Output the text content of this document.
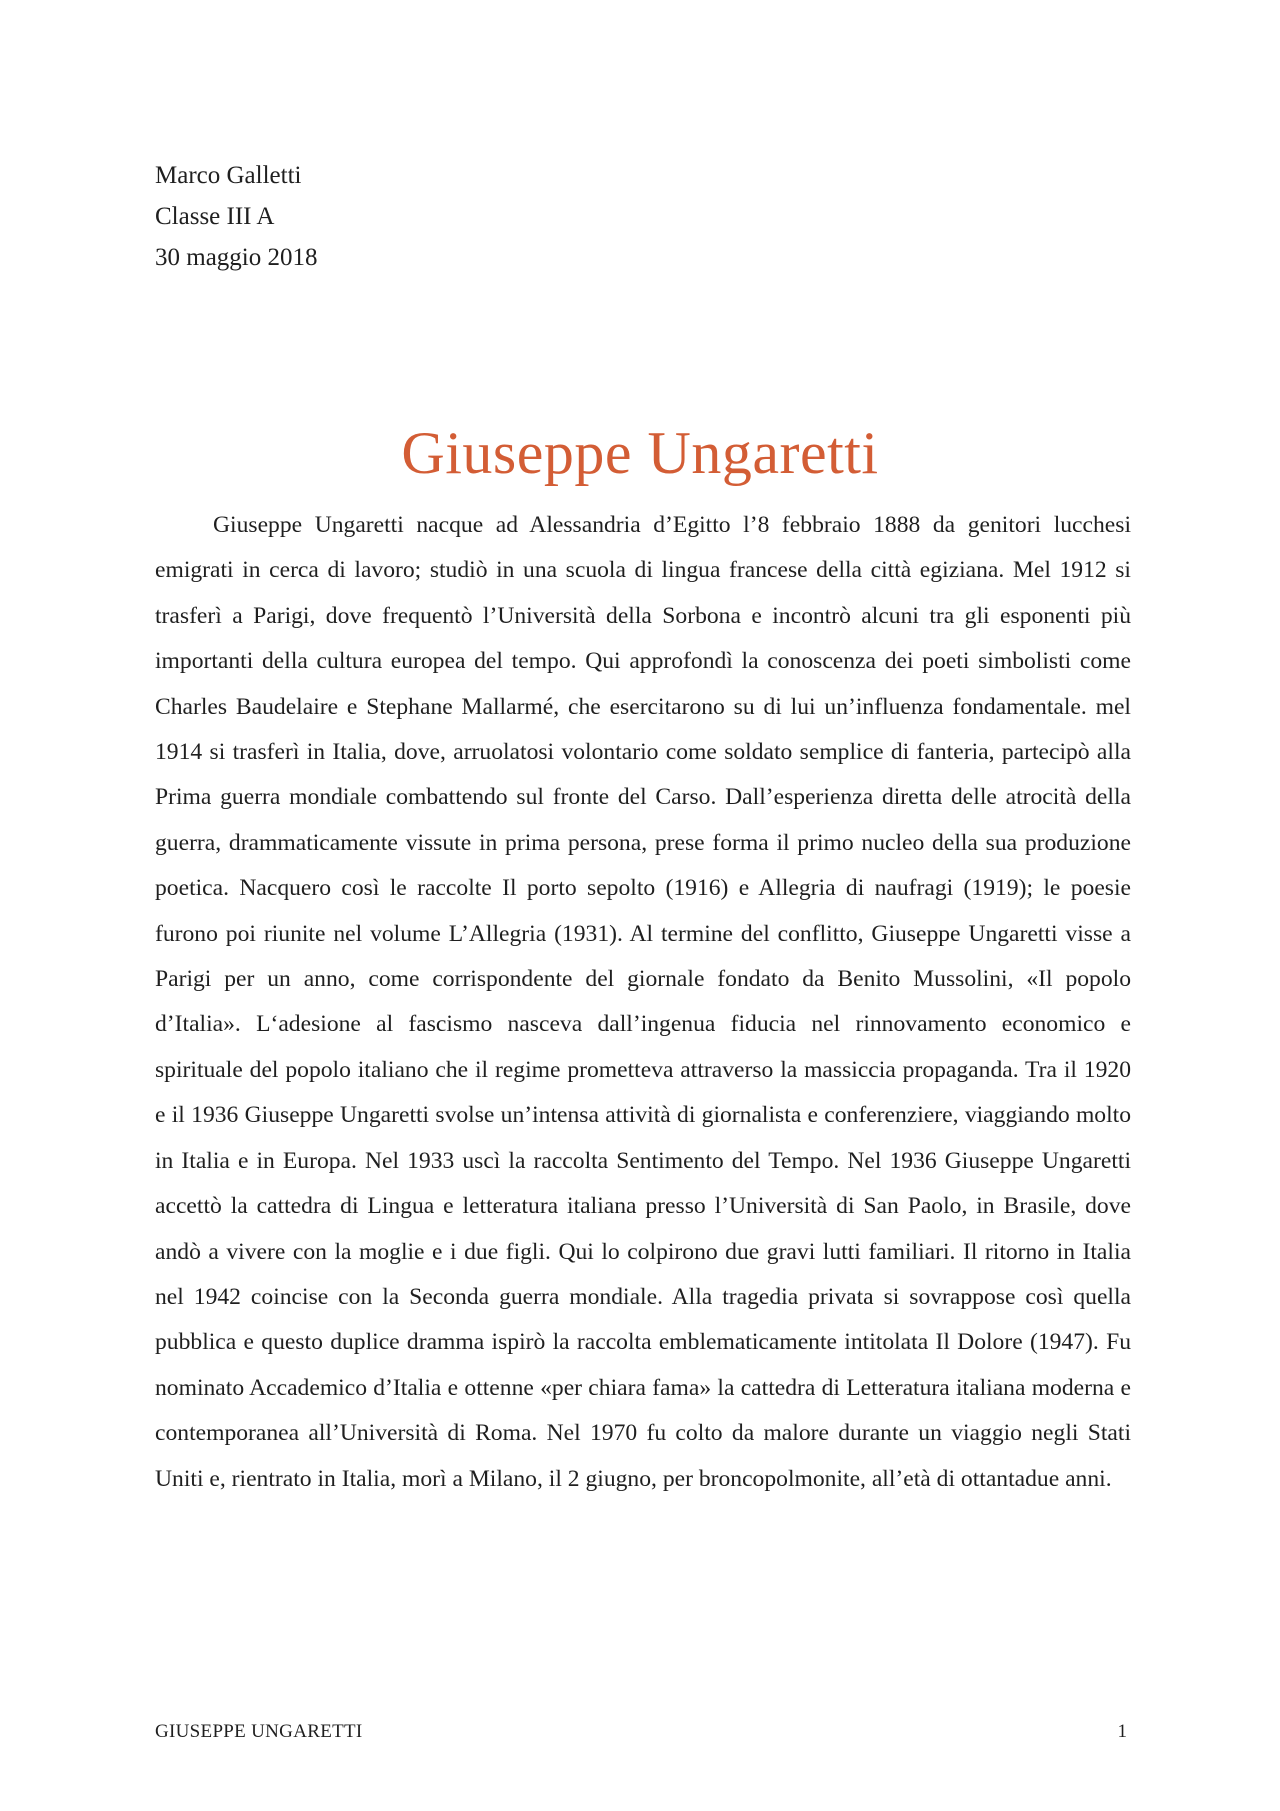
Marco Galletti
Classe III A
30 maggio 2018
Giuseppe Ungaretti

Giuseppe Ungaretti nacque ad Alessandria d’Egitto l’8 febbraio 1888 da genitori lucchesi emigrati in cerca di lavoro; studiò in una scuola di lingua francese della città egiziana. Mel 1912 si trasferì a Parigi, dove frequentò l’Università della Sorbona e incontrò alcuni tra gli esponenti più importanti della cultura europea del tempo. Qui approfondì la conoscenza dei poeti simbolisti come Charles Baudelaire e Stephane Mallarmé, che esercitarono su di lui un’influenza fondamentale. mel 1914 si trasferì in Italia, dove, arruolatosi volontario come soldato semplice di fanteria, partecipò alla Prima guerra mondiale combattendo sul fronte del Carso. Dall’esperienza diretta delle atrocità della guerra, drammaticamente vissute in prima persona, prese forma il primo nucleo della sua produzione poetica. Nacquero così le raccolte Il porto sepolto (1916) e Allegria di naufragi (1919); le poesie furono poi riunite nel volume L’Allegria (1931). Al termine del conflitto, Giuseppe Ungaretti visse a Parigi per un anno, come corrispondente del giornale fondato da Benito Mussolini, «Il popolo d’Italia». L‘adesione al fascismo nasceva dall’ingenua fiducia nel rinnovamento economico e spirituale del popolo italiano che il regime prometteva attraverso la massiccia propaganda. Tra il 1920 e il 1936 Giuseppe Ungaretti svolse un’intensa attività di giornalista e conferenziere, viaggiando molto in Italia e in Europa. Nel 1933 uscì la raccolta Sentimento del Tempo. Nel 1936 Giuseppe Ungaretti accettò la cattedra di Lingua e letteratura italiana presso l’Università di San Paolo, in Brasile, dove andò a vivere con la moglie e i due figli. Qui lo colpirono due gravi lutti familiari. Il ritorno in Italia nel 1942 coincise con la Seconda guerra mondiale. Alla tragedia privata si sovrappose così quella pubblica e questo duplice dramma ispirò la raccolta emblematicamente intitolata Il Dolore (1947). Fu nominato Accademico d’Italia e ottenne «per chiara fama» la cattedra di Letteratura italiana moderna e contemporanea all’Università di Roma. Nel 1970 fu colto da malore durante un viaggio negli Stati Uniti e, rientrato in Italia, morì a Milano, il 2 giugno, per broncopolmonite, all’età di ottantadue anni.

GIUSEPPE UNGARETTI	1
